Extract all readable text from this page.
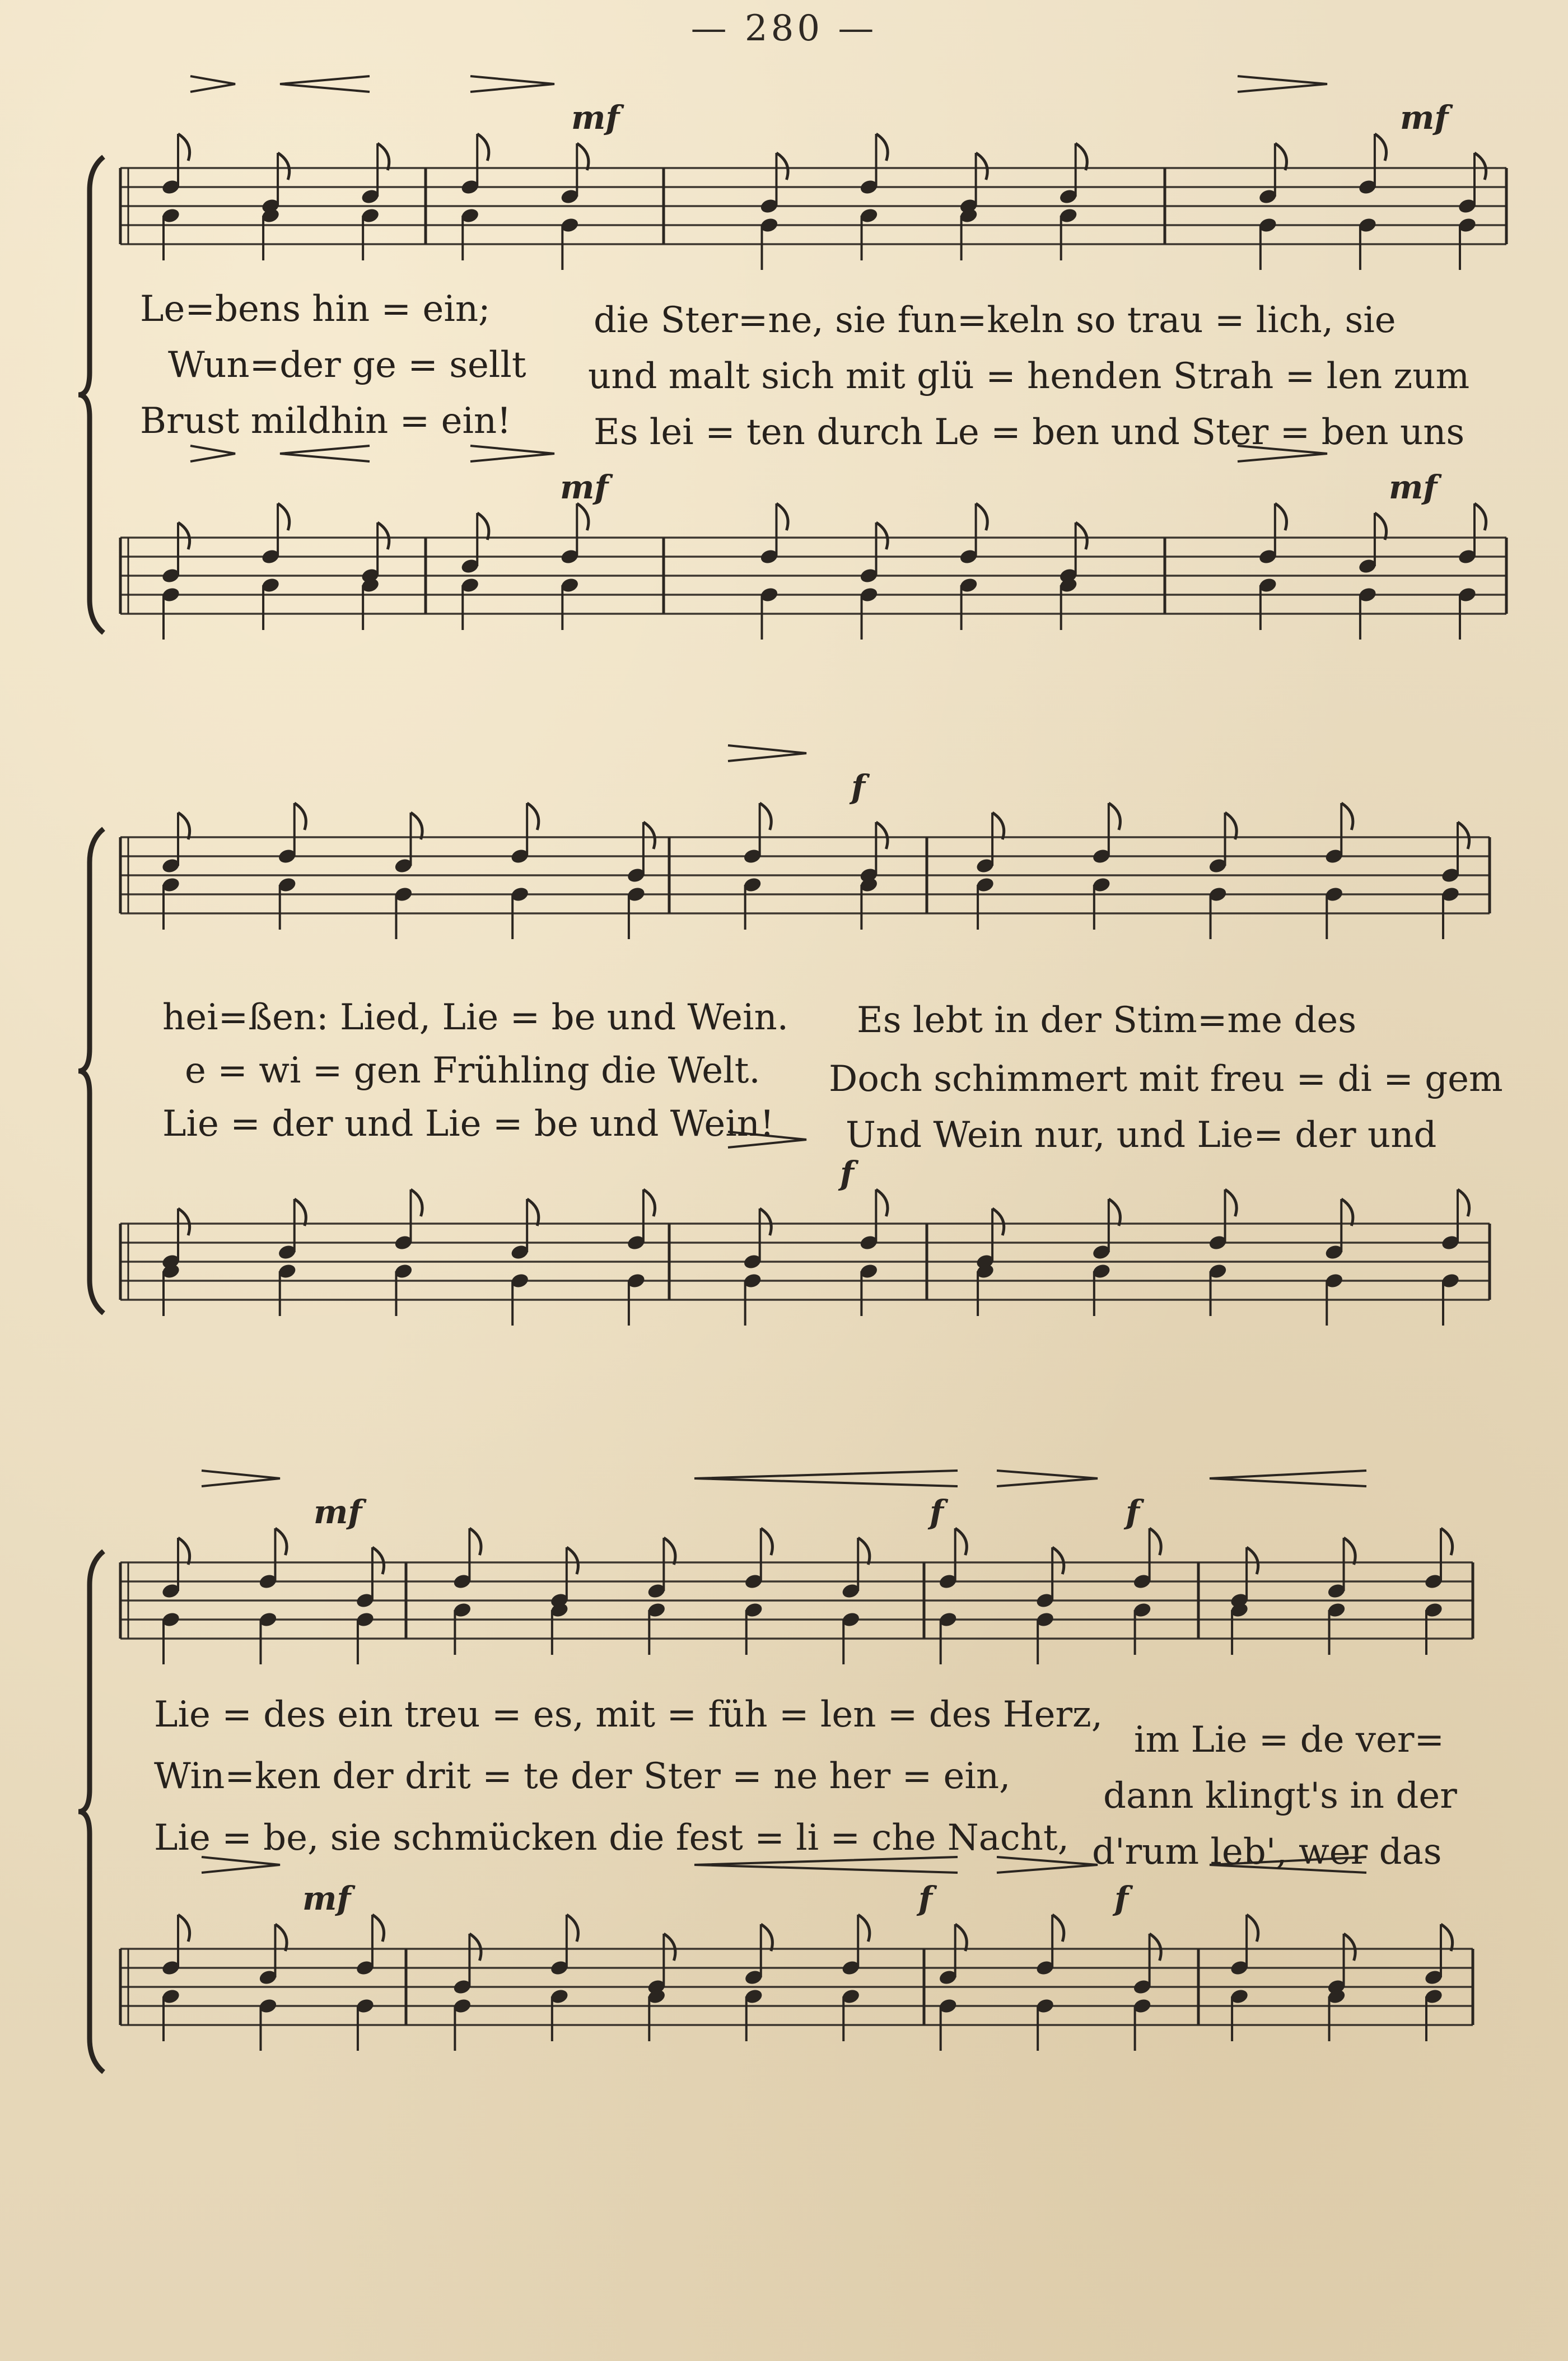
— 280 —
mf	mf
mf	mf
f
f
mf	f	f
mf	f	f
Le=bens hin = ein;	die Ster=ne, sie fun=keln so trau = lich, sie
Wun=der ge = sellt und malt sich mit glü = henden Strah = len zum
Brust mildhin = ein! Es lei = ten durch Le = ben und Ster = ben uns
hei=ßen: Lied, Lie = be und Wein. Es lebt in der Stim=me des
e = wi = gen Frühling die Welt. Doch schimmert mit freu = di = gem
Lie = der und Lie = be und Wein! Und Wein nur, und Lie= der und
Lie = des ein treu = es, mit = füh = len = des Herz,
im Lie = de ver=
Win=ken der drit = te der Ster = ne her = ein,	dann klingt's in der
Lie = be, sie schmücken die fest = li = che Nacht, d'rum leb', wer das
